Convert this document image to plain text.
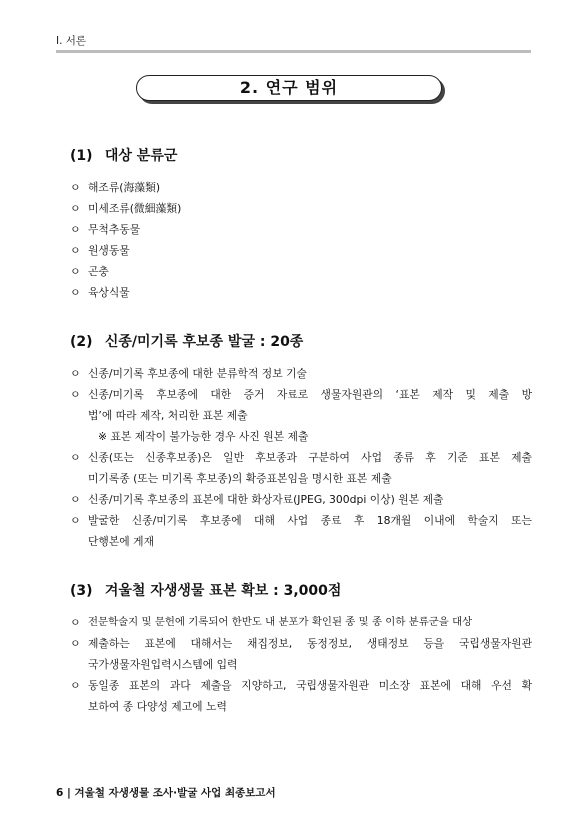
I. 서론
2. 연구 범위
(1) 대상 분류군
ㅇ 해조류(海藻類)
ㅇ 미세조류(微細藻類)
ㅇ 무척추동물
ㅇ 원생동물
ㅇ 곤충
ㅇ 육상식물
(2) 신종/미기록 후보종 발굴 : 20종
ㅇ 신종/미기록 후보종에 대한 분류학적 정보 기술
ㅇ 신종/미기록 후보종에 대한 증거 자료로 생물자원관의 ‘표본 제작 및 제출 방
법’에 따라 제작, 처리한 표본 제출
※ 표본 제작이 불가능한 경우 사진 원본 제출
ㅇ 신종(또는 신종후보종)은 일반 후보종과 구분하여 사업 종류 후 기준 표본 제출
미기록종 (또는 미기록 후보종)의 확증표본임을 명시한 표본 제출
ㅇ 신종/미기록 후보종의 표본에 대한 화상자료(JPEG, 300dpi 이상) 원본 제출
ㅇ 발굴한 신종/미기록 후보종에 대해 사업 종료 후 18개월 이내에 학술지 또는
단행본에 게재
(3) 겨울철 자생생물 표본 확보 : 3,000점
ㅇ 전문학술지 및 문헌에 기록되어 한반도 내 분포가 확인된 종 및 종 이하 분류군을 대상
ㅇ 제출하는 표본에 대해서는 채집정보, 동정정보, 생태정보 등을 국립생물자원관
국가생물자원입력시스템에 입력
ㅇ 동일종 표본의 과다 제출을 지양하고, 국립생물자원관 미소장 표본에 대해 우선 확
보하여 종 다양성 제고에 노력
6 | 겨울철 자생생물 조사·발굴 사업 최종보고서
